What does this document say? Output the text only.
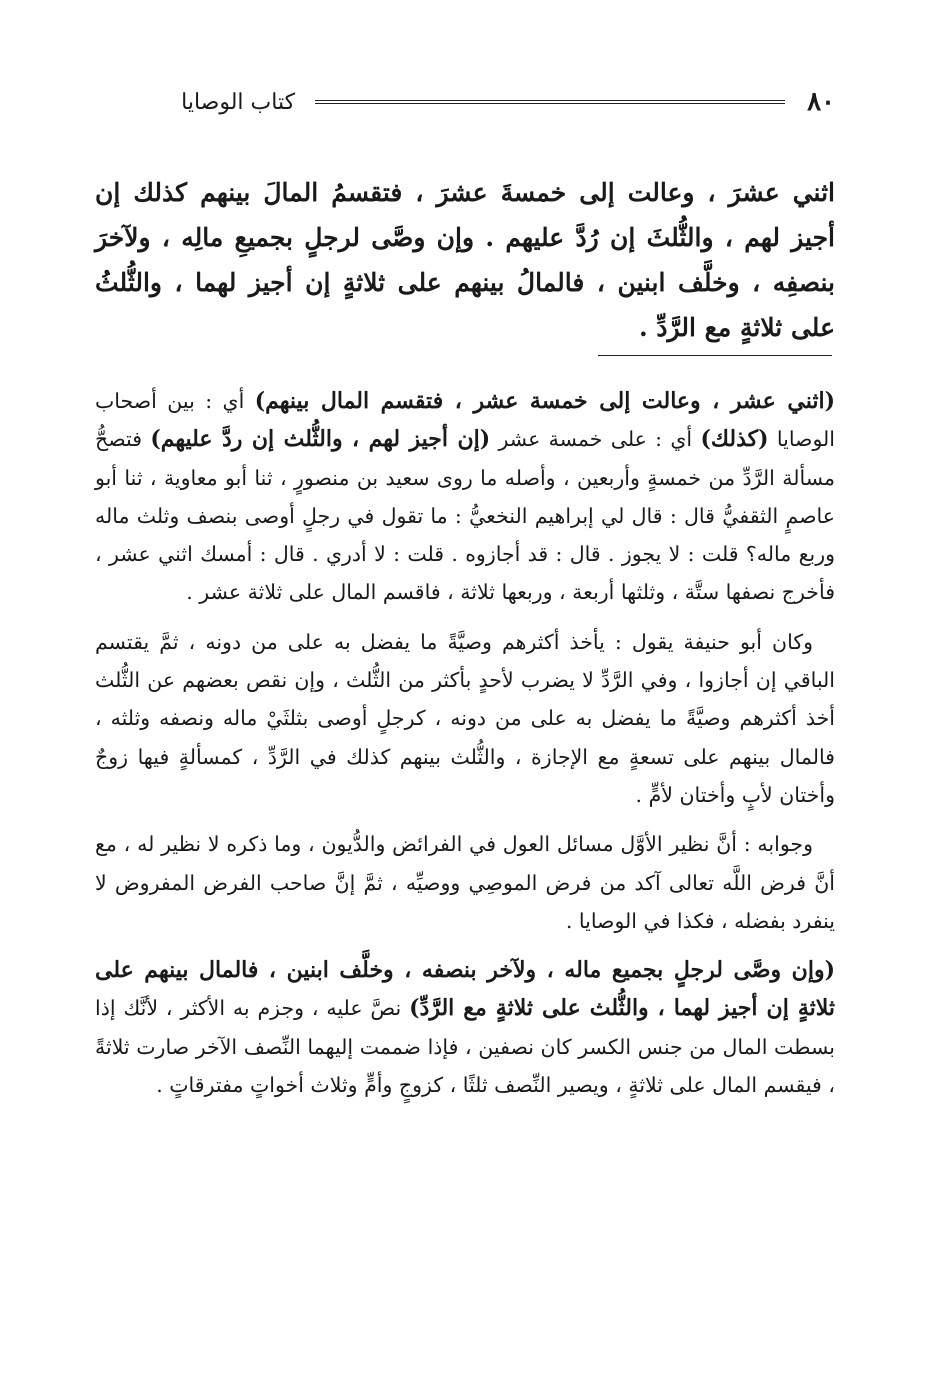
٨٠
كتاب الوصايا
اثني عشرَ ، وعالت إلى خمسةَ عشرَ ، فتقسمُ المالَ بينهم كذلك إن أجيز لهم ، والثُّلثَ إن رُدَّ عليهم . وإن وصَّى لرجلٍ بجميعِ مالِه ، ولآخرَ بنصفِه ، وخلَّف ابنين ، فالمالُ بينهم على ثلاثةٍ إن أجيز لهما ، والثُّلثُ على ثلاثةٍ مع الرَّدِّ .

(اثني عشر ، وعالت إلى خمسة عشر ، فتقسم المال بينهم) أي : بين أصحاب الوصايا (كذلك) أي : على خمسة عشر (إن أجيز لهم ، والثُّلث إن ردَّ عليهم) فتصحُّ مسألة الرَّدِّ من خمسةٍ وأربعين ، وأصله ما روى سعيد بن منصورٍ ، ثنا أبو معاوية ، ثنا أبو عاصمٍ الثقفيُّ قال : قال لي إبراهيم النخعيُّ : ما تقول في رجلٍ أوصى بنصف وثلث ماله وربع ماله؟ قلت : لا يجوز . قال : قد أجازوه . قلت : لا أدري . قال : أمسك اثني عشر ، فأخرج نصفها ستَّة ، وثلثها أربعة ، وربعها ثلاثة ، فاقسم المال على ثلاثة عشر .

وكان أبو حنيفة يقول : يأخذ أكثرهم وصيَّةً ما يفضل به على من دونه ، ثمَّ يقتسم الباقي إن أجازوا ، وفي الرَّدِّ لا يضرب لأحدٍ بأكثر من الثُّلث ، وإن نقص بعضهم عن الثُّلث أخذ أكثرهم وصيَّةً ما يفضل به على من دونه ، كرجلٍ أوصى بثلثَيْ ماله ونصفه وثلثه ، فالمال بينهم على تسعةٍ مع الإجازة ، والثُّلث بينهم كذلك في الرَّدِّ ، كمسألةٍ فيها زوجٌ وأختان لأبٍ وأختان لأمٍّ .

وجوابه : أنَّ نظير الأوَّل مسائل العول في الفرائض والدُّيون ، وما ذكره لا نظير له ، مع أنَّ فرض اللَّه تعالى آكد من فرض الموصِي ووصيِّه ، ثمَّ إنَّ صاحب الفرض المفروض لا ينفرد بفضله ، فكذا في الوصايا .

(وإن وصَّى لرجلٍ بجميع ماله ، ولآخر بنصفه ، وخلَّف ابنين ، فالمال بينهم على ثلاثةٍ إن أجيز لهما ، والثُّلث على ثلاثةٍ مع الرَّدِّ) نصَّ عليه ، وجزم به الأكثر ، لأنَّك إذا بسطت المال من جنس الكسر كان نصفين ، فإذا ضممت إليهما النِّصف الآخر صارت ثلاثةً ، فيقسم المال على ثلاثةٍ ، ويصير النِّصف ثلثًا ، كزوجٍ وأمٍّ وثلاث أخواتٍ مفترقاتٍ .
